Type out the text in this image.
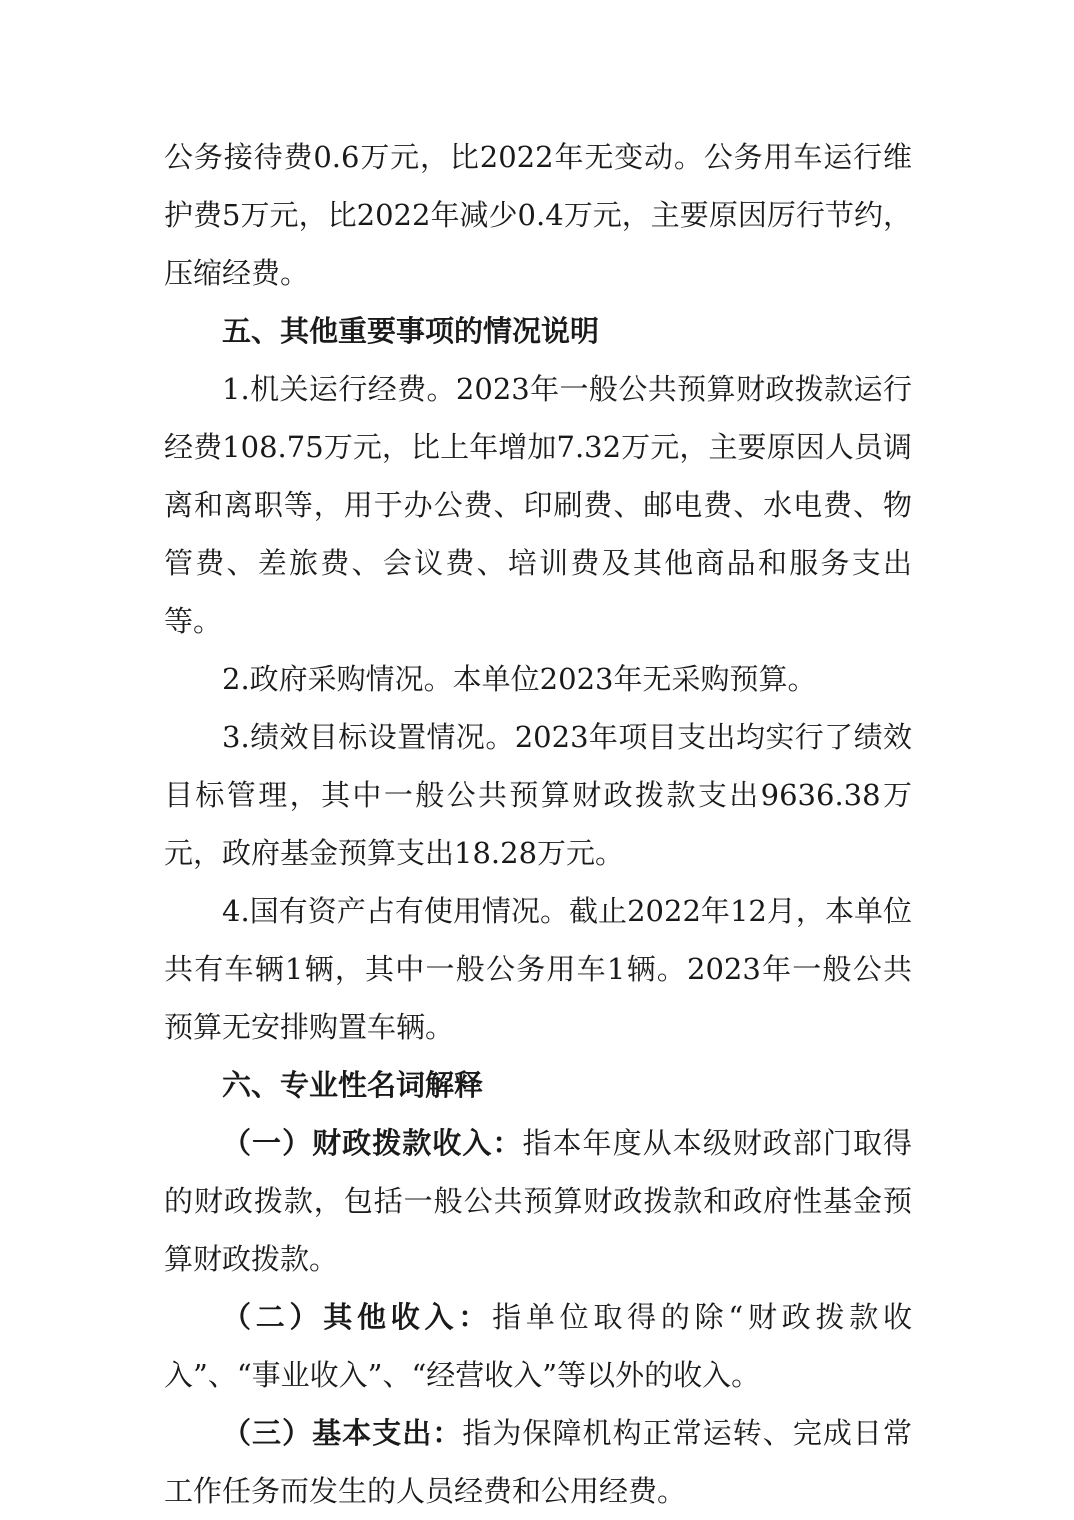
公务接待费0.6万元，比2022年无变动。公务用车运行维护费5万元，比2022年减少0.4万元，主要原因厉行节约，压缩经费。

五、其他重要事项的情况说明

1.机关运行经费。2023年一般公共预算财政拨款运行经费108.75万元，比上年增加7.32万元，主要原因人员调离和离职等，用于办公费、印刷费、邮电费、水电费、物管费、差旅费、会议费、培训费及其他商品和服务支出等。

2.政府采购情况。本单位2023年无采购预算。

3.绩效目标设置情况。2023年项目支出均实行了绩效目标管理，其中一般公共预算财政拨款支出9636.38万元，政府基金预算支出18.28万元。

4.国有资产占有使用情况。截止2022年12月，本单位共有车辆1辆，其中一般公务用车1辆。2023年一般公共预算无安排购置车辆。

六、专业性名词解释

（一）财政拨款收入：指本年度从本级财政部门取得的财政拨款，包括一般公共预算财政拨款和政府性基金预算财政拨款。

（二）其他收入：指单位取得的除“财政拨款收入”、“事业收入”、“经营收入”等以外的收入。

（三）基本支出：指为保障机构正常运转、完成日常工作任务而发生的人员经费和公用经费。
